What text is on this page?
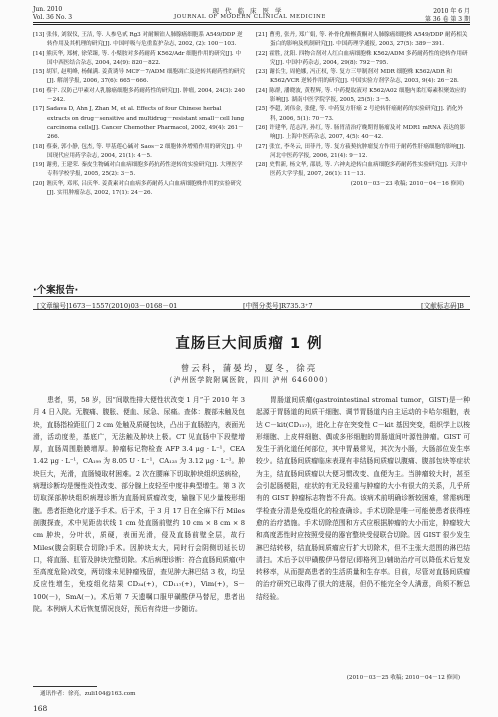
Jun. 2010
Vol. 36 No. 3
现代临床医学
JOURNAL OF MODERN CLINICAL MEDICINE
2010 年 6 月
第 36 卷 第 3 期
[13] 张伟, 刘叙仪, 王洁, 等. 人参皂甙 Rg3 对耐顺铂人肺腺癌细胞系 A549/DDP 逆转作用及其机理的研究[J]. 中国呼吸与危重监护杂志, 2002, (2): 100－103.
[14] 熊庆华, 郑树, 徐荣臻, 等. 小檗胺对多药耐药 K562/Adr 细胞作用的研究[J]. 中国中西医结合杂志, 2004, 24(9): 820－822.
[15] 胡军, 赵明峰, 杨佩满. 姜黄诱导 MCF－7/ADM 细胞凋亡及逆转其耐药性的研究[J]. 解剖学报, 2006, 37(6): 665－666.
[16] 蔡宇. 汉防己甲素对人乳腺癌细胞多药耐药性的研究[J]. 肿瘤, 2004, 24(3): 240－242.
[17] Sadava D, Ahn J, Zhan M, et al. Effects of four Chinese herbal extracts on drug－sensitive and multidrug－resistant small－cell lung carcinoma cells[J]. Cancer Chemother Pharmacol, 2002, 49(4): 261－266.
[18] 蔡秦, 郭小静, 包杰, 等. 甲基莲心碱对 Saos－2 细胞体外增殖作用的研究[J]. 中国现代应用药学杂志, 2004, 21(1): 4－5.
[19] 谢勇, 王建荣. 秦皮生物碱对白血病细胞多药抗药性逆转的实验研究[J]. 大理医学专科学校学报, 2005, 25(2): 3－5.
[20] 谯庆华, 邓邦, 吕庆华. 姜黄素对白血病多药耐药人白血病细胞株作用的实验研究[J]. 实用肿瘤杂志, 2002, 17(1): 24－26.
[21] 曹勇, 张丹, 郑广娟, 等. 补骨化酚槲黄酮对人肺腺癌细胞株 A549/DDP 耐药相关蛋白的影响及机制研究[J]. 中国药理学通报, 2003, 27(5): 389－391.
[22] 霍胜, 沈阳. 四物合剂对人红白血病细胞株 K562/ADM 多药耐药性的逆转作用研究[J]. 中国中药杂志, 2004, 29(8): 792－795.
[23] 谢长生, 周艳娜, 冯正权, 等. 复方三甲制剂对 MDR 细胞株 K562/ADR 和 K562/VCR 逆转作用的研究[J]. 中国实验方剂学杂志, 2003, 9(4): 26－28.
[24] 陈群, 潘晓波, 黄程辉, 等. 中药提取液对 K562/A02 细胞内柔红霉素积聚效应的影响[J]. 湖南中医学院学报, 2005, 25(5): 3－5.
[25] 李超, 刘伟金, 张健, 等. 中药复方肝癌 2 号逆转肝癌耐药的实验研究[J]. 消化外科, 2006, 5(1): 70－73.
[26] 许建华, 范志洋, 孙红, 等. 肠胃清治疗晚期胃肠瘤及对 MDR1 mRNA 表达的影响[J]. 上海中医药杂志, 2007, 4(5): 40－42.
[27] 张宜, 李冬云, 田菲丹, 等. 复方菝葜抗肿瘤复方作用于耐药性肝癌细胞的影响[J]. 河北中医药学报, 2006, 21(4): 9－12.
[28] 史哲新, 杨文华, 邵晨, 等. 六神丸逆转白血病细胞多药耐药性实验研究[J]. 天津中医药大学学报, 2007, 26(1): 11－13.
(2010－03－23 收稿; 2010－04－16 修回)
·个案报告·
[文章编号]1673－1557(2010)03－0168－01	[中图分类号]R735.3⁺7	[文献标志码]B
直肠巨大间质瘤 1 例
曾云科，蒲晏均，夏冬，徐亮
（泸州医学院附属医院，四川 泸州 646000）
患者，男，58 岁，因“间歇性排大便性状改变 1 月”于 2010 年 3 月 4 日入院。无腹痛、腹胀、便血、尿急、尿痛。查体：腹部未触及包块，直肠指检距肛门 2 cm 处触及质硬包块，凸出于直肠腔内，表面光滑，活动度差，基底广，无法触及肿块上极。CT 见直肠中下段壁增厚，直肠周围脂膜增厚。肿瘤标记物检查 AFP 3.4 μg · L⁻¹，CEA 1.42 μg · L⁻¹，CA₁₉₉ 为 8.05 U · L⁻¹，CA₁₂₅ 为 3.12 μg · L⁻¹。肿块巨大，光滑，直肠镜取材困难。2 次在腰麻下切取肿块组织送病检，病理诊断均是慢性炎性改变、部分腺上皮轻至中度非典型增生。第 3 次切取深部肿块组织病理诊断为直肠间质瘤改变，输腺下见少量梭形细胞。患者拒绝化疗遂予手术。后于术，于 3 月 17 日在全麻下行 Miles 剖腹探查，术中见距齿状线 1 cm 处直肠前壁约 10 cm × 8 cm × 8 cm 肿块，分叶状，质硬，表面光滑，侵及直肠前壁全层，故行 Miles(腹会阴联合切除)手术。因肿块太大，同时行会阴侧切延长切口，将直肠、肛管及肿块完整切除。术后病理诊断：符合直肠间质瘤(中至高度危险)改变，两切缘未见肿瘤残留，查见肿大淋巴结 3 枚，均呈反应性增生，免疫组化结果 CD₃₄(+)，CD₁₁₇(+)，Vim(+)，S－100(－)，SmA(－)。术后第 7 天遗嘱口服甲磺酸伊马替尼，患者出院。本例病人术后恢复情况良好，预后有待进一步随访。
胃肠道间质瘤(gastrointestinal stromal tumor，GIST)是一种起源于胃肠道的间质干细胞、调节胃肠道内自主运动的卡哈尔细胞，表达 C－kit(CD₁₁₇)，进化上存在突变性 C－kit 基因突变，组织学上以梭形细胞、上皮样细胞、偶或多形细胞的胃肠道间叶源性肿瘤。GIST 可发生于消化道任何部位，其中胃最常见，其次为小肠，大肠部位发生率较少。结直肠间质瘤临床表现有非结肠间质瘤以腹痛、腹部包块等症状为主，结直肠间质瘤以大便习惯改变、血便为主。当肿瘤较大时，甚至会引起肠梗阻，症状的有无及轻重与肿瘤的大小有很大的关系，几乎所有的 GIST 肿瘤标志物皆不升高。该病术前明确诊断较困难，常需病理学检查分清是免疫组化的检查确诊。手术切除是唯一可能使患者获得痊愈的治疗措施。手术切除范围和方式应根据肿瘤的大小而定，肿瘤较大和高度恶性时应按照受侵的器官整块受侵联合切除。因 GIST 很少发生淋巴结转移，结直肠间质瘤应行扩大切除术，但不主张大范围的淋巴结清扫。术后予以甲磺酸伊马替尼(即格列卫)辅助治疗可以降低术后复发转移率，从而提高患者的生活质量和生存率。目前，尽管对直肠间质瘤的治疗研究已取得了很大的进展，但仍不能完全令人满意，尚须不断总结经验。
(2010－03－25 收稿; 2010－04－12 修回)
通讯作者：徐亮，zuli104@163.com
168
